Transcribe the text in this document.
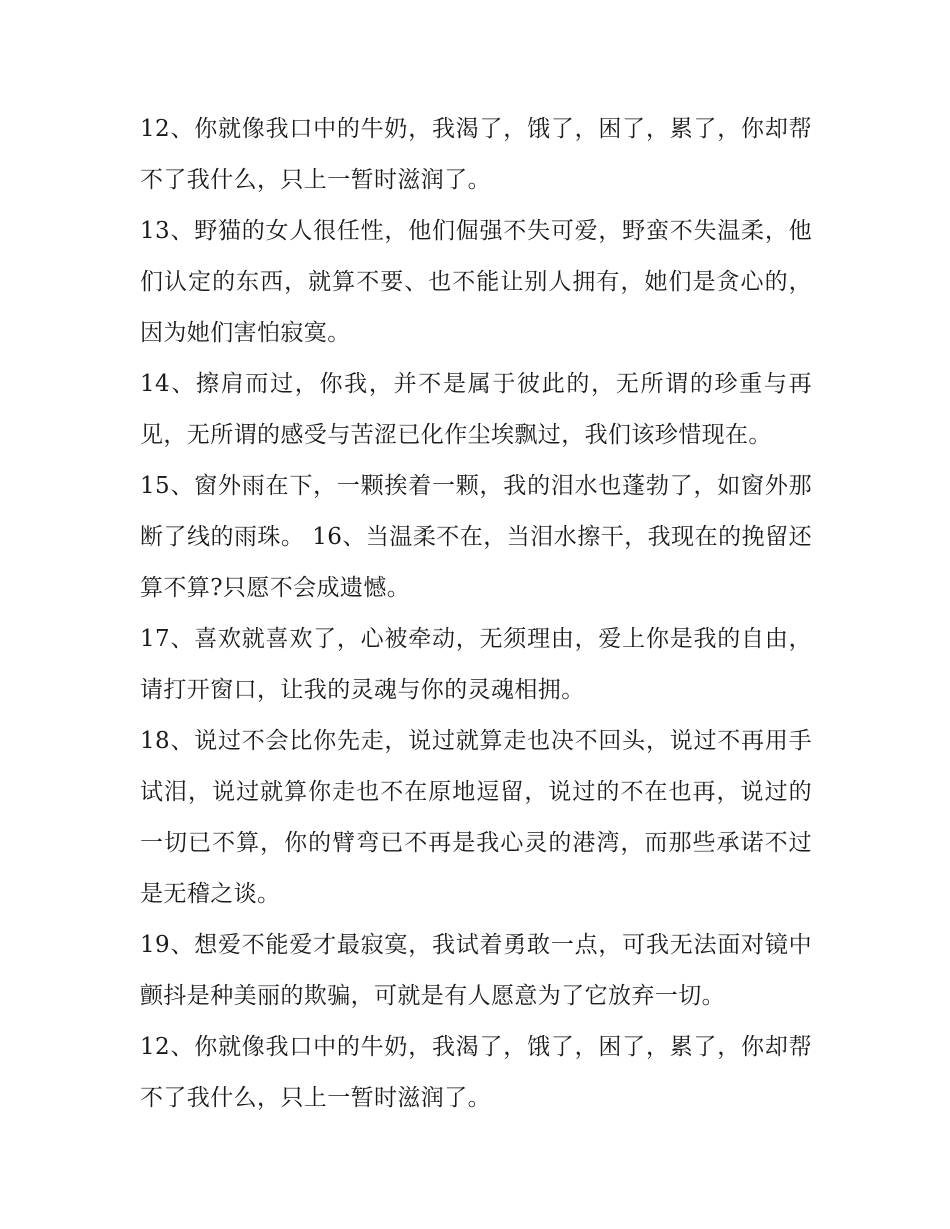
12、你就像我口中的牛奶，我渴了，饿了，困了，累了，你却帮不了我什么，只上一暂时滋润了。

13、野猫的女人很任性，他们倔强不失可爱，野蛮不失温柔，他们认定的东西，就算不要、也不能让别人拥有，她们是贪心的，因为她们害怕寂寞。

14、擦肩而过，你我，并不是属于彼此的，无所谓的珍重与再见，无所谓的感受与苦涩已化作尘埃飘过，我们该珍惜现在。

15、窗外雨在下，一颗挨着一颗，我的泪水也蓬勃了，如窗外那断了线的雨珠。 16、当温柔不在，当泪水擦干，我现在的挽留还算不算?只愿不会成遗憾。

17、喜欢就喜欢了，心被牵动，无须理由，爱上你是我的自由，请打开窗口，让我的灵魂与你的灵魂相拥。

18、说过不会比你先走，说过就算走也决不回头，说过不再用手试泪，说过就算你走也不在原地逗留，说过的不在也再，说过的一切已不算，你的臂弯已不再是我心灵的港湾，而那些承诺不过是无稽之谈。

19、想爱不能爱才最寂寞，我试着勇敢一点，可我无法面对镜中颤抖是种美丽的欺骗，可就是有人愿意为了它放弃一切。

12、你就像我口中的牛奶，我渴了，饿了，困了，累了，你却帮不了我什么，只上一暂时滋润了。
